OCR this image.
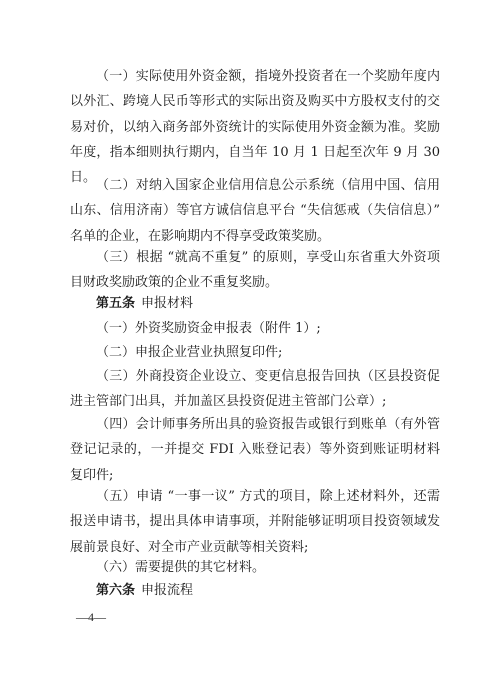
（一）实际使用外资金额，指境外投资者在一个奖励年度内以外汇、跨境人民币等形式的实际出资及购买中方股权支付的交易对价，以纳入商务部外资统计的实际使用外资金额为准。奖励年度，指本细则执行期内，自当年 10 月 1 日起至次年 9 月 30 日。

（二）对纳入国家企业信用信息公示系统（信用中国、信用山东、信用济南）等官方诚信信息平台 “失信惩戒（失信信息）” 名单的企业，在影响期内不得享受政策奖励。

（三）根据 “就高不重复” 的原则，享受山东省重大外资项目财政奖励政策的企业不重复奖励。

第五条 申报材料

（一）外资奖励资金申报表（附件 1）;

（二）申报企业营业执照复印件;

（三）外商投资企业设立、变更信息报告回执（区县投资促进主管部门出具，并加盖区县投资促进主管部门公章）;

（四）会计师事务所出具的验资报告或银行到账单（有外管登记记录的，一并提交 FDI 入账登记表）等外资到账证明材料复印件;

（五）申请 “一事一议” 方式的项目，除上述材料外，还需报送申请书，提出具体申请事项，并附能够证明项目投资领域发展前景良好、对全市产业贡献等相关资料;

（六）需要提供的其它材料。

第六条 申报流程

—4—
